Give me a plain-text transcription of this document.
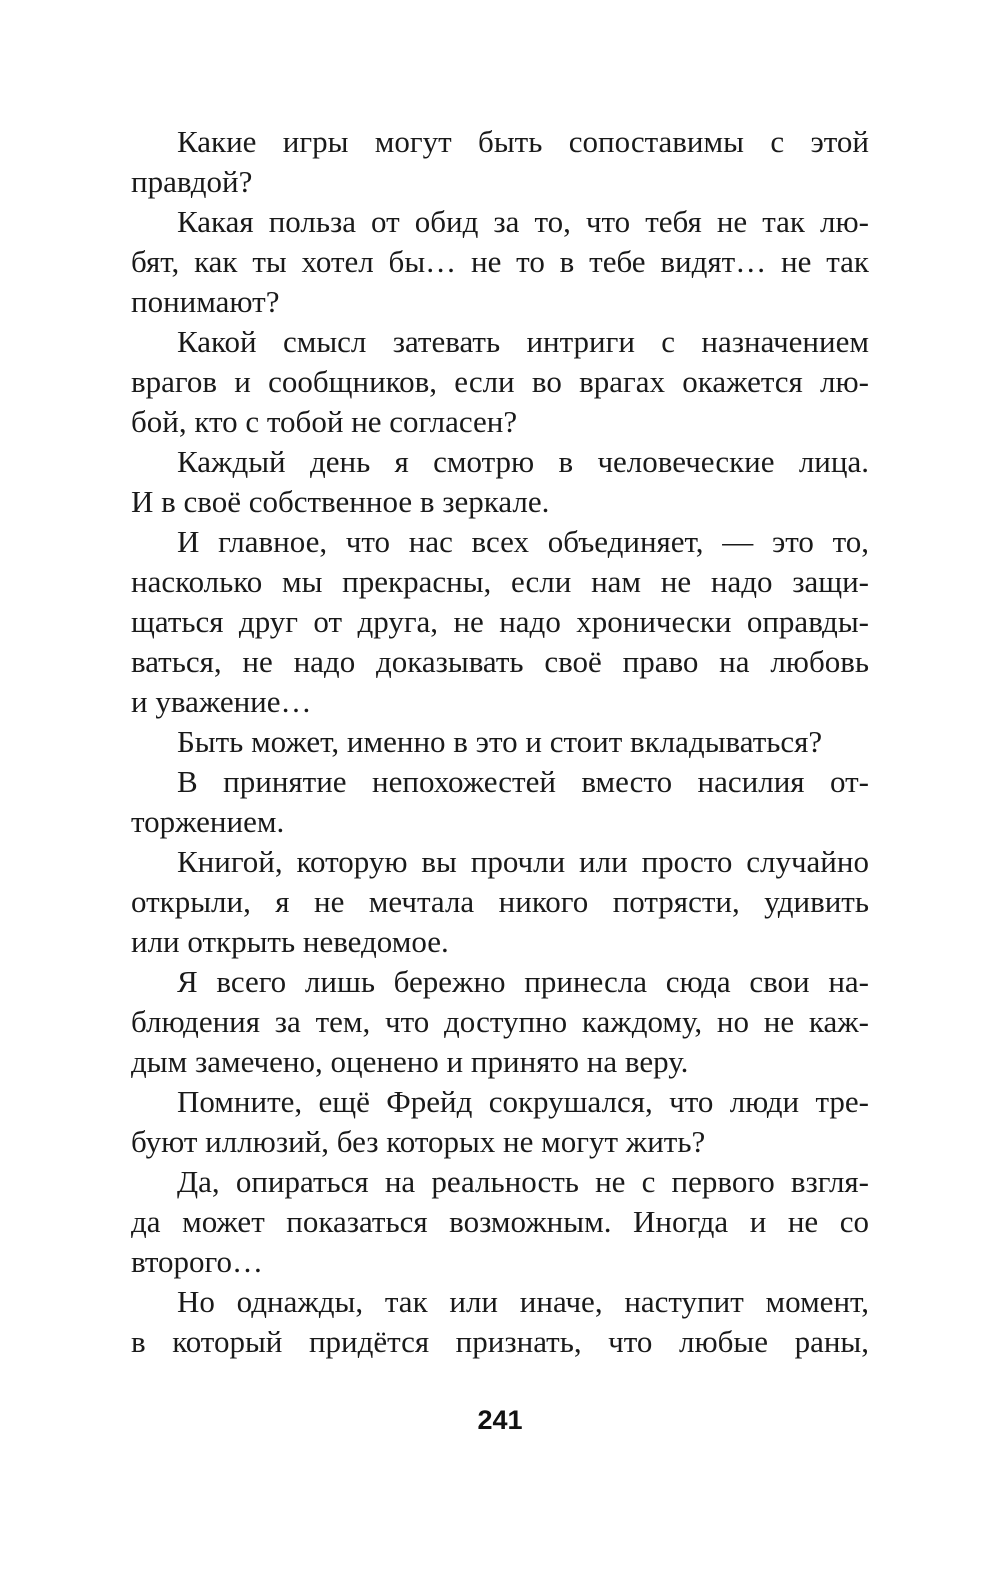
Какие игры могут быть сопоставимы с этой
правдой?
Какая польза от обид за то, что тебя не так лю-
бят, как ты хотел бы… не то в тебе видят… не так
понимают?
Какой смысл затевать интриги с назначением
врагов и сообщников, если во врагах окажется лю-
бой, кто с тобой не согласен?
Каждый день я смотрю в человеческие лица.
И в своё собственное в зеркале.
И главное, что нас всех объединяет, — это то,
насколько мы прекрасны, если нам не надо защи-
щаться друг от друга, не надо хронически оправды-
ваться, не надо доказывать своё право на любовь
и уважение…
Быть может, именно в это и стоит вкладываться?
В принятие непохожестей вместо насилия от-
торжением.
Книгой, которую вы прочли или просто случайно
открыли, я не мечтала никого потрясти, удивить
или открыть неведомое.
Я всего лишь бережно принесла сюда свои на-
блюдения за тем, что доступно каждому, но не каж-
дым замечено, оценено и принято на веру.
Помните, ещё Фрейд сокрушался, что люди тре-
буют иллюзий, без которых не могут жить?
Да, опираться на реальность не с первого взгля-
да может показаться возможным. Иногда и не со
второго…
Но однажды, так или иначе, наступит момент,
в который придётся признать, что любые раны,
241
